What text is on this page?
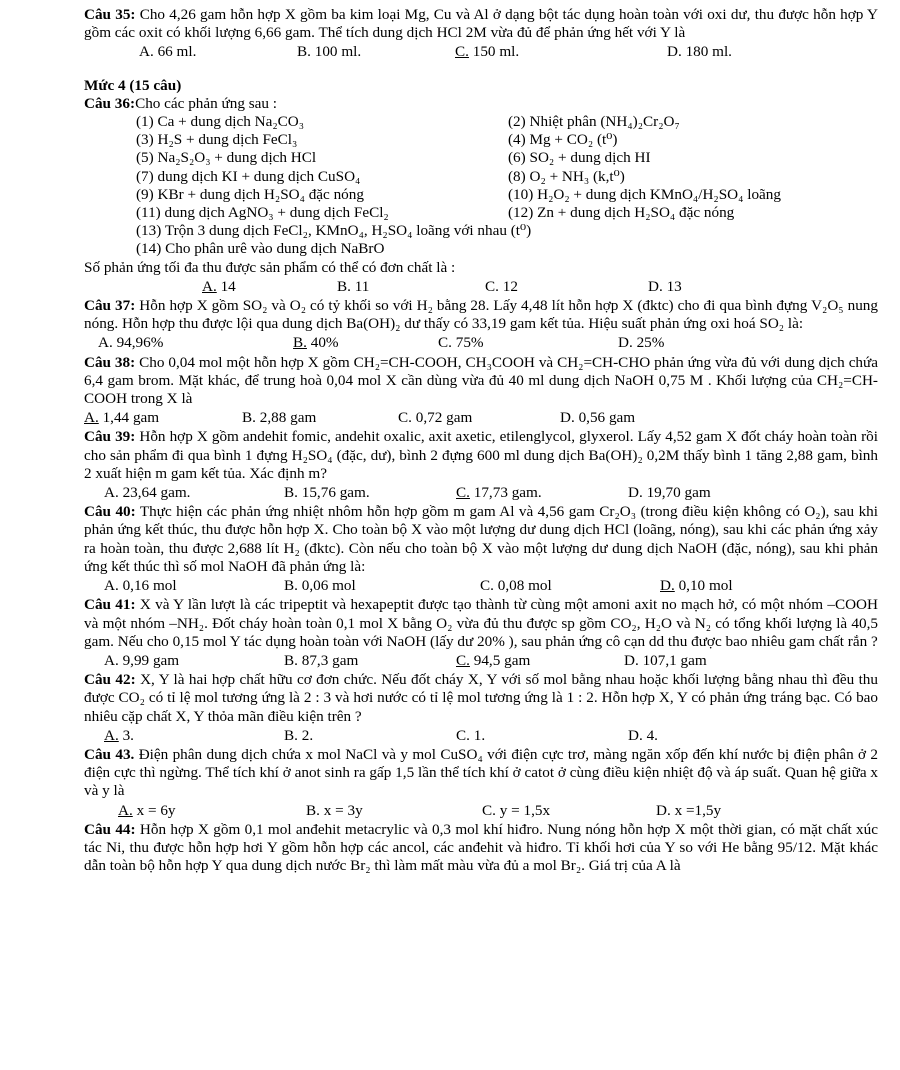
Câu 35: Cho 4,26 gam hỗn hợp X gồm ba kim loại Mg, Cu và Al ở dạng bột tác dụng hoàn toàn với oxi dư, thu được hỗn hợp Y gồm các oxit có khối lượng 6,66 gam. Thể tích dung dịch HCl 2M vừa đủ để phản ứng hết với Y là

A. 66 ml.	B. 100 ml.	C. 150 ml.	D. 180 ml.
Mức 4 (15 câu)

Câu 36:Cho các phản ứng sau :

(1) Ca + dung dịch Na₂CO₃	(2) Nhiệt phân (NH₄)₂Cr₂O₇
(3) H₂S + dung dịch FeCl₃	(4) Mg + CO₂ (t⁰)
(5) Na₂S₂O₃ + dung dịch HCl	(6) SO₂ + dung dịch HI
(7) dung dịch KI + dung dịch CuSO₄	(8) O₂ + NH₃ (k,t⁰)
(9) KBr + dung dịch H₂SO₄ đặc nóng	(10) H₂O₂ + dung dịch KMnO₄/H₂SO₄ loãng
(11) dung dịch AgNO₃ + dung dịch FeCl₂	(12) Zn + dung dịch H₂SO₄ đặc nóng
(13) Trộn 3 dung dịch FeCl₂, KMnO₄, H₂SO₄ loãng với nhau (t⁰)
(14) Cho phân urê vào dung dịch NaBrO

Số phản ứng tối đa thu được sản phẩm có thể có đơn chất là :

A. 14	B. 11	C. 12	D. 13

Câu 37: Hỗn hợp X gồm SO₂ và O₂ có tỷ khối so với H₂ bằng 28. Lấy 4,48 lít hỗn hợp X (đktc) cho đi qua bình đựng V₂O₅ nung nóng. Hỗn hợp thu được lội qua dung dịch Ba(OH)₂ dư thấy có 33,19 gam kết tủa. Hiệu suất phản ứng oxi hoá SO₂ là:

A. 94,96%	B. 40%	C. 75%	D. 25%

Câu 38: Cho 0,04 mol một hỗn hợp X gồm CH₂=CH-COOH, CH₃COOH và CH₂=CH-CHO phản ứng vừa đủ với dung dịch chứa 6,4 gam brom. Mặt khác, để trung hoà 0,04 mol X cần dùng vừa đủ 40 ml dung dịch NaOH 0,75 M . Khối lượng của CH₂=CH-COOH trong X là

A. 1,44 gam	B. 2,88 gam	C. 0,72 gam	D. 0,56 gam

Câu 39: Hỗn hợp X gồm andehit fomic, andehit oxalic, axit axetic, etilenglycol, glyxerol. Lấy 4,52 gam X đốt cháy hoàn toàn rồi cho sản phẩm đi qua bình 1 đựng H₂SO₄ (đặc, dư), bình 2 đựng 600 ml dung dịch Ba(OH)₂ 0,2M thấy bình 1 tăng 2,88 gam, bình 2 xuất hiện m gam kết tủa. Xác định m?

A. 23,64 gam.	B. 15,76 gam.	C. 17,73 gam.	D. 19,70 gam

Câu 40: Thực hiện các phản ứng nhiệt nhôm hỗn hợp gồm m gam Al và 4,56 gam Cr₂O₃ (trong điều kiện không có O₂), sau khi phản ứng kết thúc, thu được hỗn hợp X. Cho toàn bộ X vào một lượng dư dung dịch HCl (loãng, nóng), sau khi các phản ứng xảy ra hoàn toàn, thu được 2,688 lít H₂ (đktc). Còn nếu cho toàn bộ X vào một lượng dư dung dịch NaOH (đặc, nóng), sau khi phản ứng kết thúc thì số mol NaOH đã phản ứng là:

A. 0,16 mol	B. 0,06 mol	C. 0,08 mol	D. 0,10 mol

Câu 41: X và Y lần lượt là các tripeptit và hexapeptit được tạo thành từ cùng một amoni axit no mạch hở, có một nhóm –COOH và một nhóm –NH₂. Đốt cháy hoàn toàn 0,1 mol X bằng O₂ vừa đủ thu được sp gồm CO₂, H₂O và N₂ có tổng khối lượng là 40,5 gam. Nếu cho 0,15 mol Y tác dụng hoàn toàn với NaOH (lấy dư 20% ), sau phản ứng cô cạn dd thu được bao nhiêu gam chất rắn ?

A. 9,99 gam	B. 87,3 gam	C. 94,5 gam	D. 107,1 gam

Câu 42: X, Y là hai hợp chất hữu cơ đơn chức. Nếu đốt cháy X, Y với số mol bằng nhau hoặc khối lượng bằng nhau thì đều thu được CO₂ có tỉ lệ mol tương ứng là 2 : 3 và hơi nước có tỉ lệ mol tương ứng là 1 : 2. Hỗn hợp X, Y có phản ứng tráng bạc. Có bao nhiêu cặp chất X, Y thỏa mãn điều kiện trên ?

A. 3.	B. 2.	C. 1.	D. 4.

Câu 43. Điện phân dung dịch chứa x mol NaCl và y mol CuSO₄ với điện cực trơ, màng ngăn xốp đến khí nước bị điện phân ở 2 điện cực thì ngừng. Thể tích khí ở anot sinh ra gấp 1,5 lần thể tích khí ở catot ở cùng điều kiện nhiệt độ và áp suất. Quan hệ giữa x và y là

A. x = 6y	B. x = 3y	C. y = 1,5x	D. x =1,5y

Câu 44: Hỗn hợp X gồm 0,1 mol anđehit metacrylic và 0,3 mol khí hiđro. Nung nóng hỗn hợp X một thời gian, có mặt chất xúc tác Ni, thu được hỗn hợp hơi Y gồm hỗn hợp các ancol, các anđehit và hiđro. Tỉ khối hơi của Y so với He bằng 95/12. Mặt khác dẫn toàn bộ hỗn hợp Y qua dung dịch nước Br₂ thì làm mất màu vừa đủ a mol Br₂. Giá trị của A là
